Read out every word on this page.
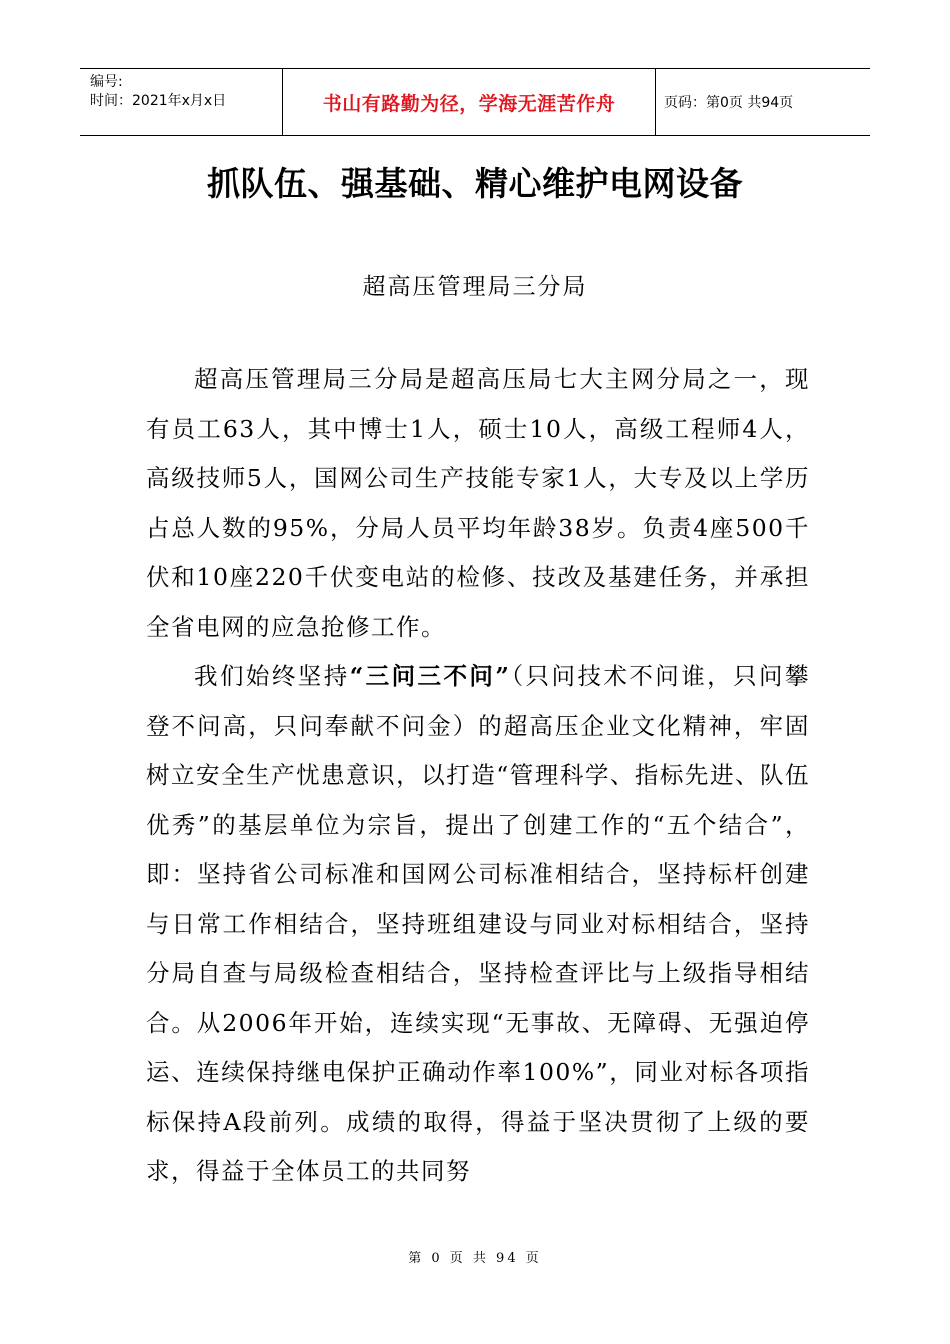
编号:
时间：2021年x月x日	书山有路勤为径，学海无涯苦作舟	页码：第0页 共94页
抓队伍、强基础、精心维护电网设备
超高压管理局三分局

超高压管理局三分局是超高压局七大主网分局之一，现有员工63人，其中博士1人，硕士10人，高级工程师4人，高级技师5人，国网公司生产技能专家1人，大专及以上学历占总人数的95%，分局人员平均年龄38岁。负责4座500千伏和10座220千伏变电站的检修、技改及基建任务，并承担全省电网的应急抢修工作。

我们始终坚持“三问三不问”（只问技术不问谁，只问攀登不问高，只问奉献不问金）的超高压企业文化精神，牢固树立安全生产忧患意识，以打造“管理科学、指标先进、队伍优秀”的基层单位为宗旨，提出了创建工作的“五个结合”，即：坚持省公司标准和国网公司标准相结合，坚持标杆创建与日常工作相结合，坚持班组建设与同业对标相结合，坚持分局自查与局级检查相结合，坚持检查评比与上级指导相结合。从2006年开始，连续实现“无事故、无障碍、无强迫停运、连续保持继电保护正确动作率100%”，同业对标各项指标保持A段前列。成绩的取得，得益于坚决贯彻了上级的要求，得益于全体员工的共同努

第 0 页 共 94 页
